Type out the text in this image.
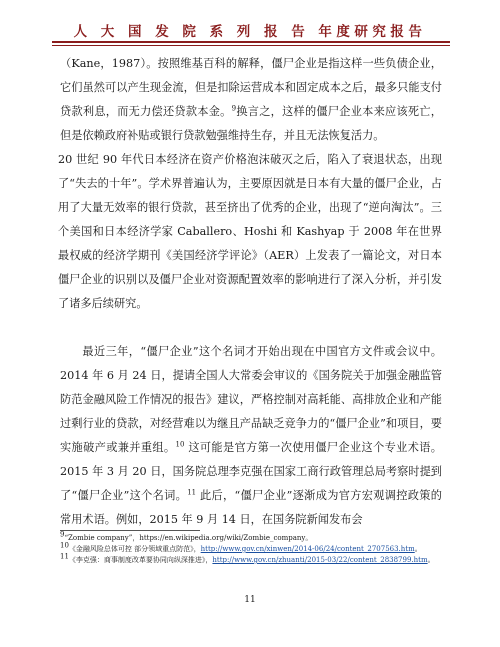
人 大 国 发 院 系 列 报 告 年度研究报告

（Kane，1987）。按照维基百科的解释，僵尸企业是指这样一些负债企业，它们虽然可以产生现金流，但是扣除运营成本和固定成本之后，最多只能支付贷款利息，而无力偿还贷款本金。$^9$换言之，这样的僵尸企业本来应该死亡，但是依赖政府补贴或银行贷款勉强维持生存，并且无法恢复活力。

20 世纪 90 年代日本经济在资产价格泡沫破灭之后，陷入了衰退状态，出现了“失去的十年”。学术界普遍认为，主要原因就是日本有大量的僵尸企业，占用了大量无效率的银行贷款，甚至挤出了优秀的企业，出现了“逆向淘汰”。三个美国和日本经济学家 Caballero、Hoshi 和 Kashyap 于 2008 年在世界最权威的经济学期刊《美国经济学评论》（AER）上发表了一篇论文，对日本僵尸企业的识别以及僵尸企业对资源配置效率的影响进行了深入分析，并引发了诸多后续研究。

最近三年，“僵尸企业”这个名词才开始出现在中国官方文件或会议中。2014 年 6 月 24 日，提请全国人大常委会审议的《国务院关于加强金融监管防范金融风险工作情况的报告》建议，严格控制对高耗能、高排放企业和产能过剩行业的贷款，对经营难以为继且产品缺乏竞争力的“僵尸企业”和项目，要实施破产或兼并重组。$^{10}$ 这可能是官方第一次使用僵尸企业这个专业术语。2015 年 3 月 20 日，国务院总理李克强在国家工商行政管理总局考察时提到了“僵尸企业”这个名词。$^{11}$ 此后，“僵尸企业”逐渐成为官方宏观调控政策的常用术语。例如，2015 年 9 月 14 日，在国务院新闻发布会

$^9$“Zombie company”，https://en.wikipedia.org/wiki/Zombie_company。

$^{10}$《金融风险总体可控 部分领域重点防范》，http://www.gov.cn/xinwen/2014-06/24/content_2707563.htm。

$^{11}$《李克强：商事制度改革要协同向纵深推进》，http://www.gov.cn/zhuanti/2015-03/22/content_2838799.htm。

11
